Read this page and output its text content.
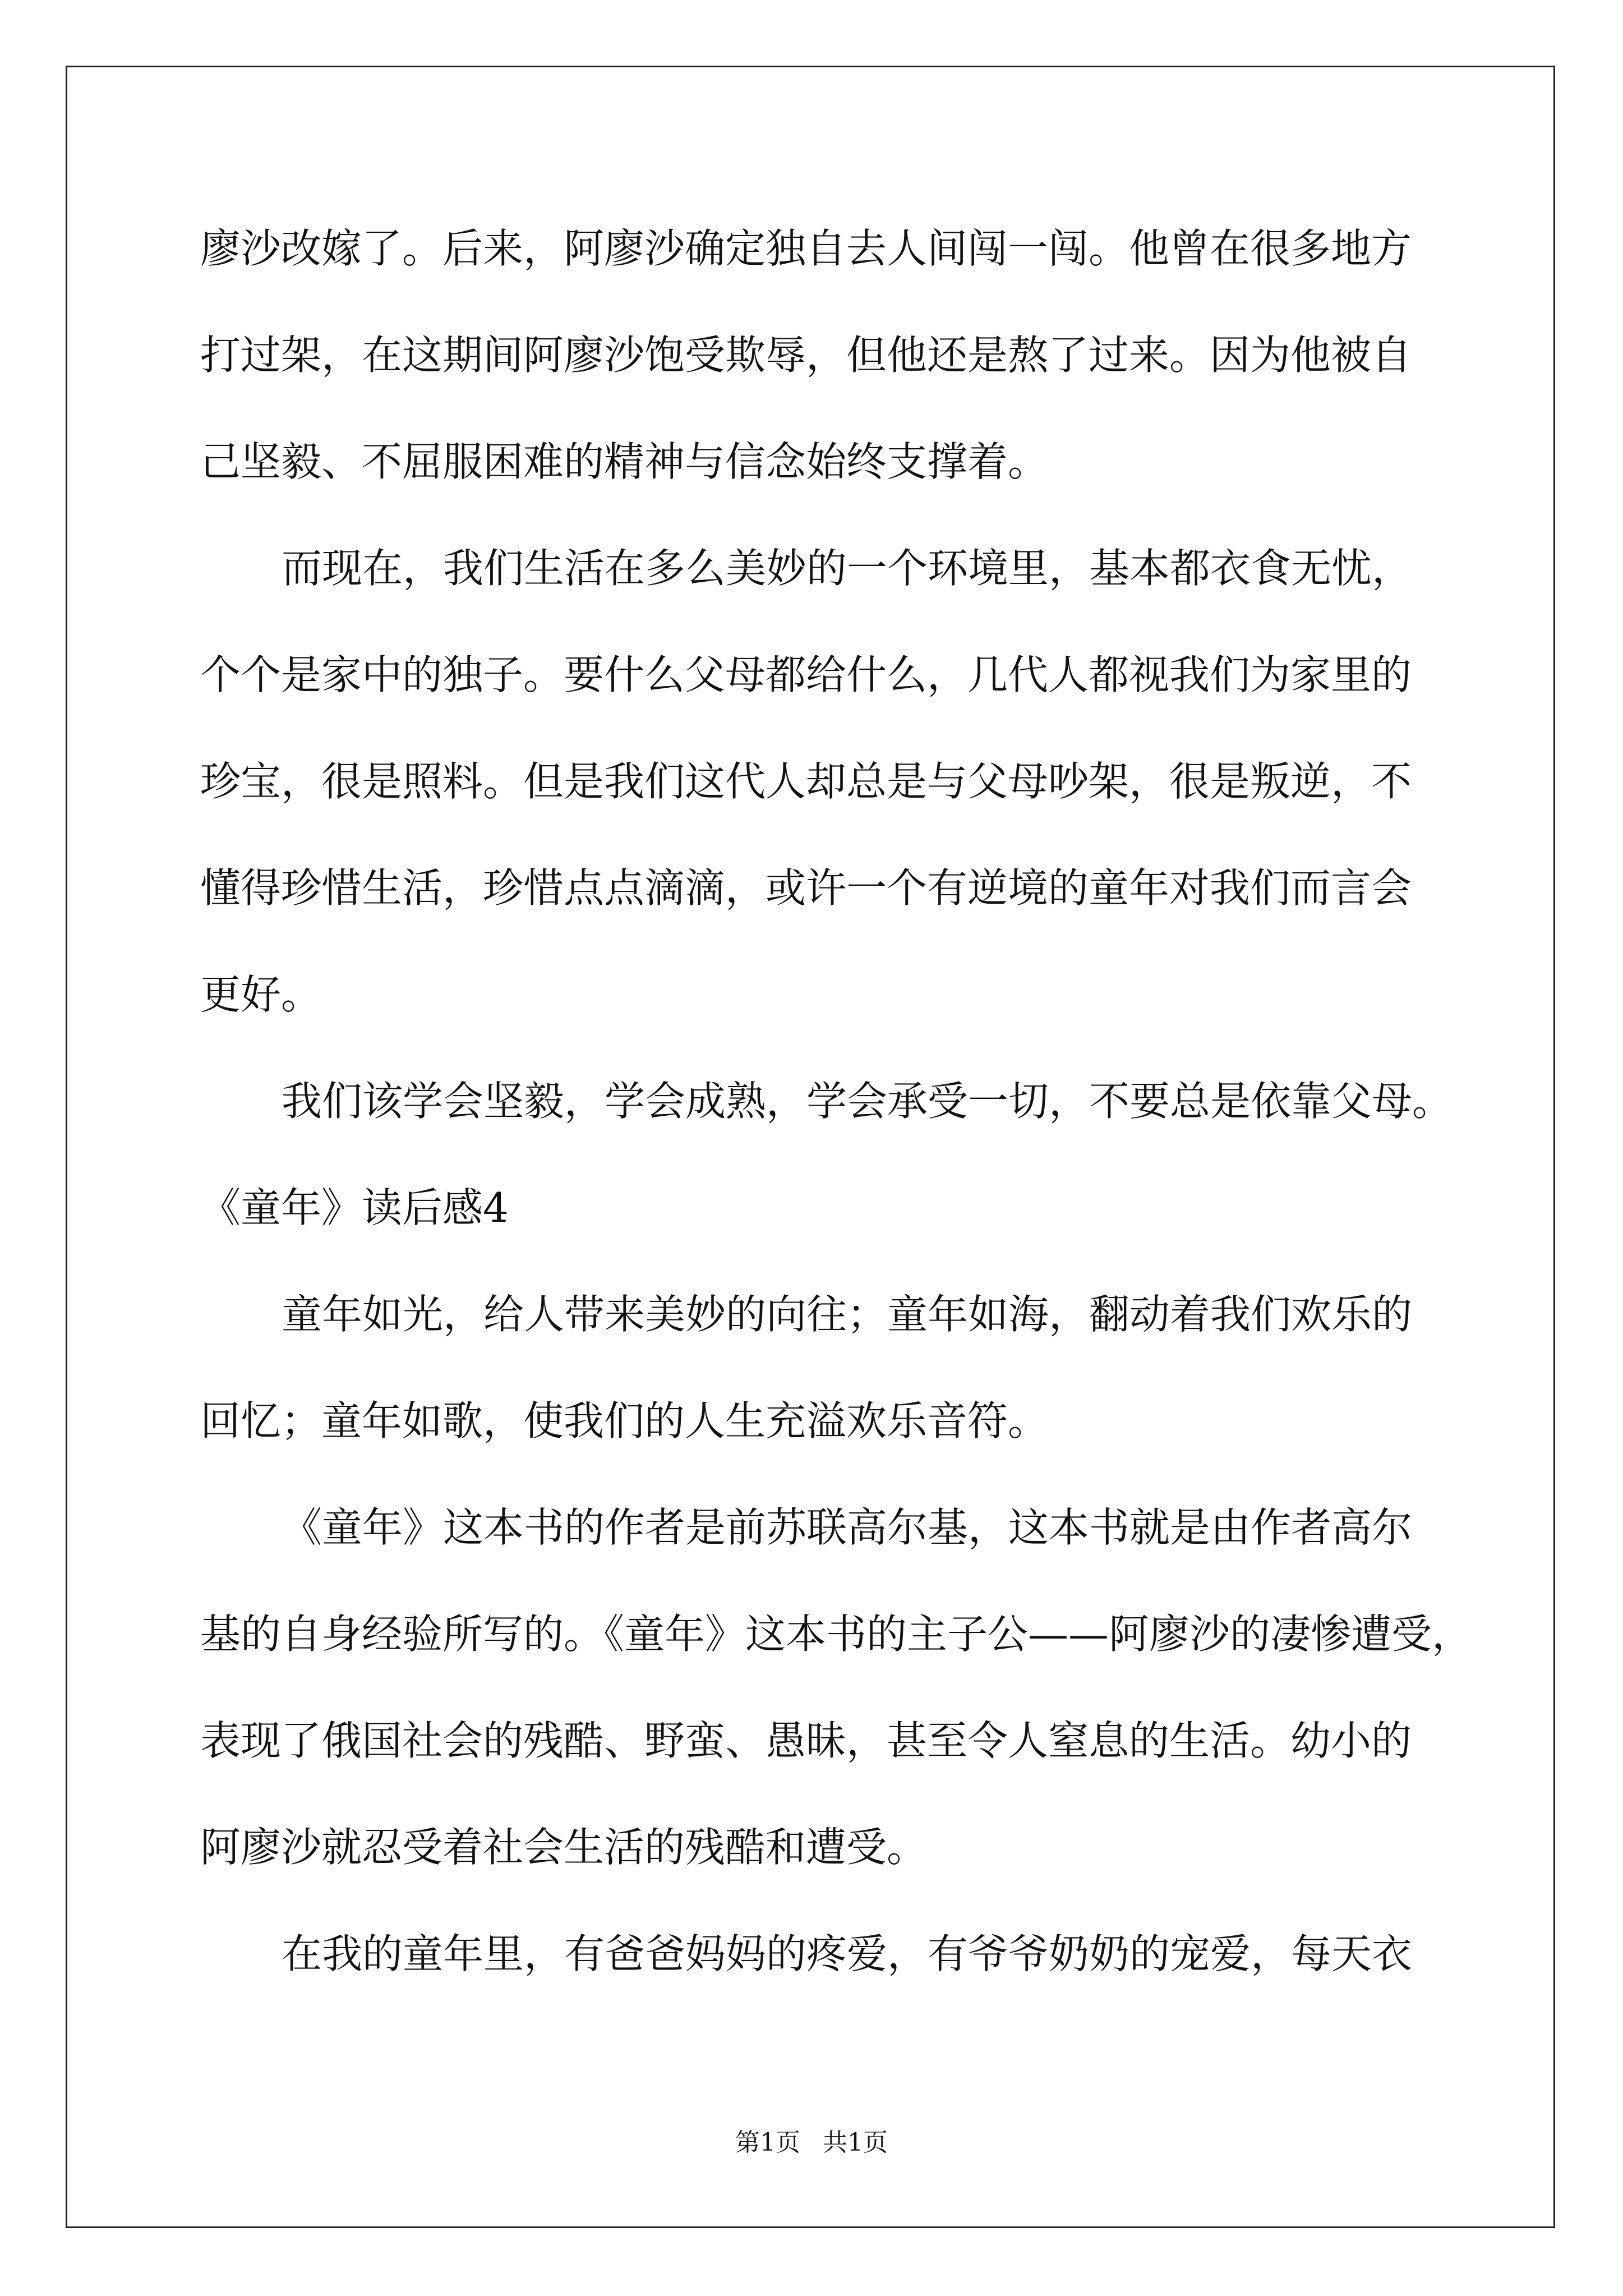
廖沙改嫁了。后来，阿廖沙确定独自去人间闯一闯。他曾在很多地方
打过架，在这期间阿廖沙饱受欺辱，但他还是熬了过来。因为他被自
己坚毅、不屈服困难的精神与信念始终支撑着。
而现在，我们生活在多么美妙的一个环境里，基本都衣食无忧，
个个是家中的独子。要什么父母都给什么，几代人都视我们为家里的
珍宝，很是照料。但是我们这代人却总是与父母吵架，很是叛逆，不
懂得珍惜生活，珍惜点点滴滴，或许一个有逆境的童年对我们而言会
更好。
我们该学会坚毅，学会成熟，学会承受一切，不要总是依靠父母。
《童年》读后感4
童年如光，给人带来美妙的向往；童年如海，翻动着我们欢乐的
回忆；童年如歌，使我们的人生充溢欢乐音符。
《童年》这本书的作者是前苏联高尔基，这本书就是由作者高尔
基的自身经验所写的。《童年》这本书的主子公——阿廖沙的凄惨遭受，
表现了俄国社会的残酷、野蛮、愚昧，甚至令人窒息的生活。幼小的
阿廖沙就忍受着社会生活的残酷和遭受。
在我的童年里，有爸爸妈妈的疼爱，有爷爷奶奶的宠爱，每天衣
第1页 共1页
